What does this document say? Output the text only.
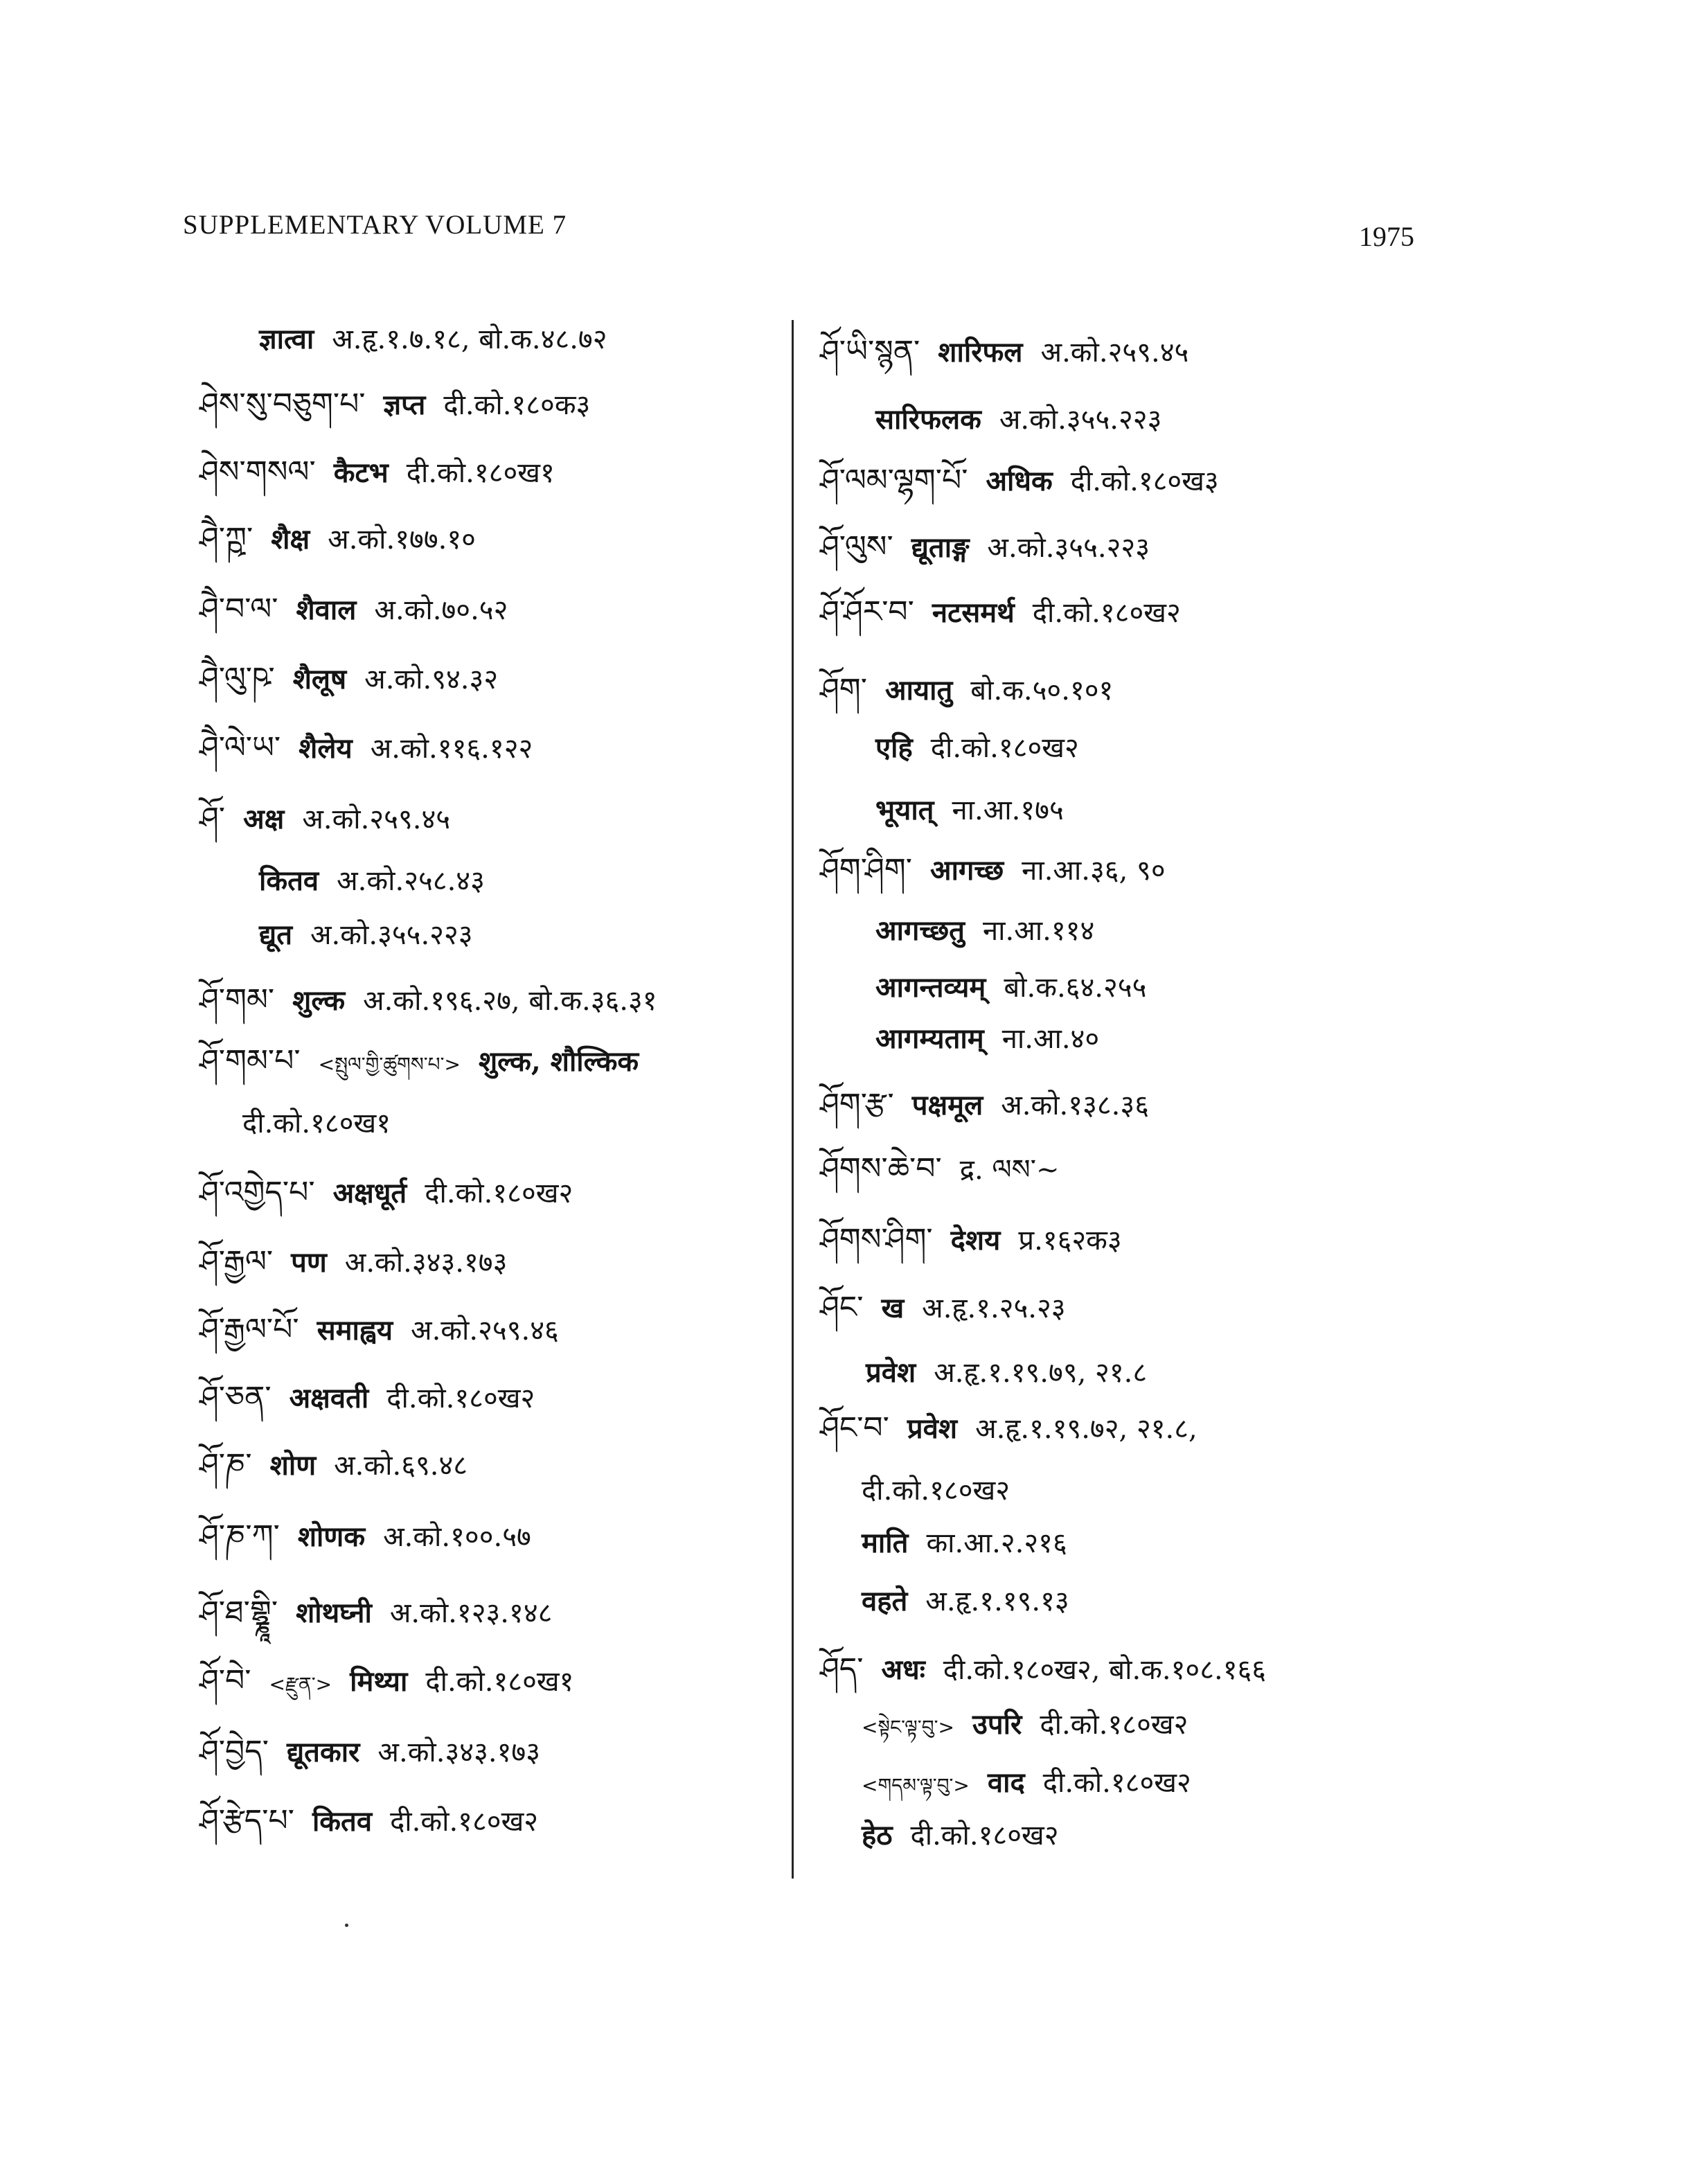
SUPPLEMENTARY VOLUME 7	1975
ज्ञात्वा अ.हृ.१.७.१८, बो.क.४८.७२
ཤེས་སུ་བཅུག་པ་ ज्ञप्त दी.को.१८०क३
ཤེས་གསལ་ कैटभ दी.को.१८०ख१
ཤཻ་ཀྵ་ शैक्ष अ.को.१७७.१०
ཤཻ་བ་ལ་ शैवाल अ.को.७०.५२
ཤཻ་ལུ་ཥ་ शैलूष अ.को.९४.३२
ཤཻ་ལེ་ཡ་ शैलेय अ.को.११६.१२२
ཤོ་ अक्ष अ.को.२५९.४५
कितव अ.को.२५८.४३
द्यूत अ.को.३५५.२२३
ཤོ་གམ་ शुल्क अ.को.१९६.२७, बो.क.३६.३१
ཤོ་གམ་པ་ <སྤུལ་གྱི་ཚུགས་པ་> शुल्क, शौल्किक
दी.को.१८०ख१
ཤོ་འགྱེད་པ་ अक्षधूर्त दी.को.१८०ख२
ཤོ་རྒྱལ་ पण अ.को.३४३.१७३
ཤོ་རྒྱལ་པོ་ समाह्वय अ.को.२५९.४६
ཤོ་ཅན་ अक्षवती दी.को.१८०ख२
ཤོ་ཎ་ शोण अ.को.६९.४८
ཤོ་ཎ་ཀ་ शोणक अ.को.१००.५७
ཤོ་ཐ་གྷྣཱི་ शोथघ्नी अ.को.१२३.१४८
ཤོ་བེ་ <རྫུན་> मिथ्या दी.को.१८०ख१
ཤོ་བྱེད་ द्यूतकार अ.को.३४३.१७३
ཤོ་རྩེད་པ་ कितव दी.को.१८०ख२
ཤོ་ཡི་སྙན་ शारिफल अ.को.२५९.४५
सारिफलक अ.को.३५५.२२३
ཤོ་ལམ་ལྷག་པོ་ अधिक दी.को.१८०ख३
ཤོ་ལུས་ द्यूताङ्ग अ.को.३५५.२२३
ཤོ་ཤོར་བ་ नटसमर्थ दी.को.१८०ख२
ཤོག་ आयातु बो.क.५०.१०१
एहि दी.को.१८०ख२
भूयात् ना.आ.१७५
ཤོག་ཤིག་ आगच्छ ना.आ.३६, ९०
आगच्छतु ना.आ.११४
आगन्तव्यम् बो.क.६४.२५५
आगम्यताम् ना.आ.४०
ཤོག་རྩ་ पक्षमूल अ.को.१३८.३६
ཤོགས་ཆེ་བ་ द्र. ལས་~
ཤོགས་ཤིག་ देशय प्र.१६२क३
ཤོང་ ख अ.हृ.१.२५.२३
प्रवेश अ.हृ.१.१९.७९, २१.८
ཤོང་བ་ प्रवेश अ.हृ.१.१९.७२, २१.८,
दी.को.१८०ख२
माति का.आ.२.२१६
वहते अ.हृ.१.१९.१३
ཤོད་ अधः दी.को.१८०ख२, बो.क.१०८.१६६
<སྟེང་ལྟ་བུ་> उपरि दी.को.१८०ख२
<གདམ་ལྟ་བུ་> वाद दी.को.१८०ख२
हेठ दी.को.१८०ख२
